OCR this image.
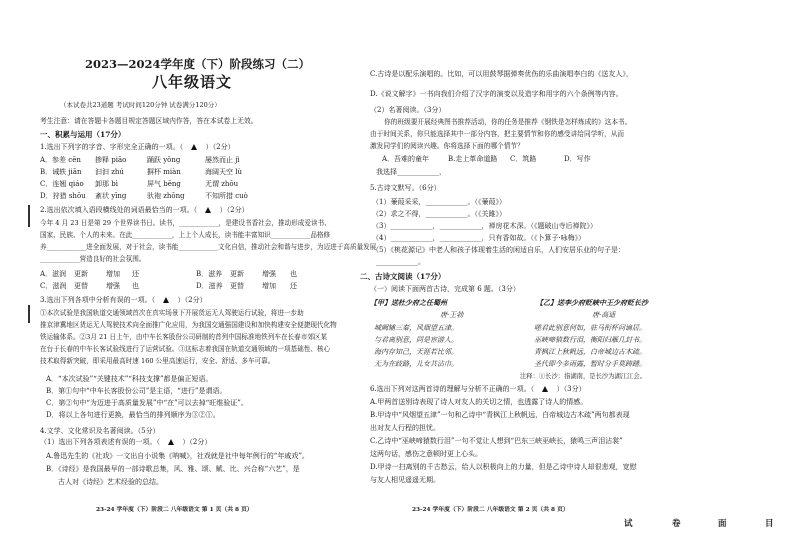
2023—2024学年度（下）阶段练习（二）
八年级语文
（本试卷共23道题 考试时间120分钟 试卷满分120分）
考生注意：请在答题卡各题目规定答题区域内作答，答在本试卷上无效。
一、积累与运用（17分）
1.选出下列字的字音、字形完全正确的一项。（	）（2分）
A．参差 cēn 掺释 piāo	踊跃 yǒng	屡然而止 jì
B．诫轶 jiān 汩汩 zhú	摒杯 miàn	海阔天空 lù
C．连翘 qiáo 卸那 bì	屏气 bēng	无谓 zhōu
D．狩猎 shōu 紊状 yīng	驮袍 zhōng	不知所措 cuò
2.选出依次填入语段横线处的词语最恰当的一项。（	）（2分）
今年 4 月 23 日是第 29 个世界读书日。读书，____________，是建设书香社会，推动形成爱读书、
国家、民族、个人的未来。在此____________，上上个人成长，读书能丰富知识____________品格修
养____________进全面发展，对于社会，读书能____________文化自信，推动社会和谐与进步，为迈进于高质量发展
____________营造良好的社会氛围。
A．滋润 更新	增加 还	B．滋养 更新	增强 也
C．滋润 更替	增强 也	D．滋养 更替	增加 还
3.选出下列各项中分析有误的一项。（	）（2分）
①本次试验是我国轨道交通领域首次在真实场景下开展货运无人驾驶运行试验，将进一步助
推京津冀地区货运无人驾驶技术向全面推广化应用，为我国交通强国建设和加快构建安全便捷现代化物
铁运输体系。②3月 21 日上午，由中车长客股份公司研制的首列中国标准地铁列车在长春市郊区某
在台于长春的中车长客试验线进行了运营试验。③这标志着我国在轨道交通领域的一项基础性、核心
技术取得新突破，即采用最高时速 160 公里高速运行，安全、舒适、多车可靠。
A．“本次试验”“关键技术”“科技支撑”都是偏正短语。
B．第①句中“中车长客股份公司”是主语，“进行”是谓语。
C．第②句中“为迈进于高质量发展”中“在”可以去掉“旺维验证”。
D．将以上各句进行更换，最恰当的排列顺序为③②①。
4.文学、文化常识及名著阅读。（5分）
（1）选出下列各项表述有误的一项。（	）（2分）
A.鲁迅先生的《社戏》一文出自小说集《呐喊》，社戏就是社中每年例行的“年戚戏”。
B．《诗经》是我国最早的一部诗歌总集，风、雅、颂、赋、比、兴合称“六艺”，是
古人对《诗经》艺术经验的总结。
23-24 学年度（下）阶段二 八年级语文 第 1 页（共 8 页）
C.古诗是以配乐演唱的。比如，可以用鼓琴据弹奏优伤的乐曲演唱李白的《送友人》，
D.《说文解字》一书向我们介绍了汉字的演变以及造字和用字的六个条例等内容。
（2）名著阅读。（3分）
你的班级要开展经典图书推荐活动，你的任务是推荐《钢铁是怎样炼成的》这本书。
由于时间关系，你只能选择其中一部分内容，把主要情节和你的感受讲给同学听，从而
激发同学们的阅读兴趣。你将选择下面的哪个情节？
A．吾难的童年	B.走上革命道路 C．筑路	D．写作
我选择____________，
5.古诗文默写。（6分）
（1）蒹葭采采，____________。（《蒹葭》）
（2）求之不得，____________。（《关雎》）
（3）____________，____________，禅房花木深。（《题破山寺后禅院》）
（4）____________，____________，只有香如故。（《卜算子·咏梅》）
（5）《桃花源记》中老人和孩子体现着生活的闲适自乐，人们安居乐业的句子是：
____________。
二、古诗文阅读（17分）
（一）阅读下面两首古诗，完成第 6 题。（3分）
【甲】送杜少府之任蜀州
唐·王勃
城阙辅三秦，风烟望五津。
与君离别意，同是宦游人。
海内存知己，天涯若比邻。
无为在歧路，儿女共沾巾。
【乙】送李少府贬峡中王少府贬长沙
唐·高适
嗟君此别意何如，驻马衔杯问谪居。
巫峡啼猿数行泪，衡阳归雁几封书。
青枫江上秋帆远，白帝城边古木疏。
圣代即今多雨露，暂时分手莫踌躇。
注释：①长沙：指湖南，是长沙为湖江江会。
6.选出下列对这两首诗的理解与分析不正确的一项。（	）（3分）
A.甲两首送别诗表现了诗人对友人的关切之情，也透露了诗人的情感。
B.甲诗中“风烟望五津”一句和乙诗中“青枫江上秋帆远，白帝城边古木疏”两句都表现
出对友人行程的担忧。
C.乙诗中“巫峡啼猿数行泪”一句不觉让人想到“巴东三峡巫峡长，猿鸣三声泪沾裳”
这两句话，感伤之意顿时更上心头。
D.甲诗一扫离别的千古愁云，给人以积极向上的力量，但是乙诗中诗人却很悲观，宽慰
与友人相见遥遥无期。
23-24 学年度（下）阶段二 八年级语文 第 2 页（共 8 页）
试	卷	面	目
